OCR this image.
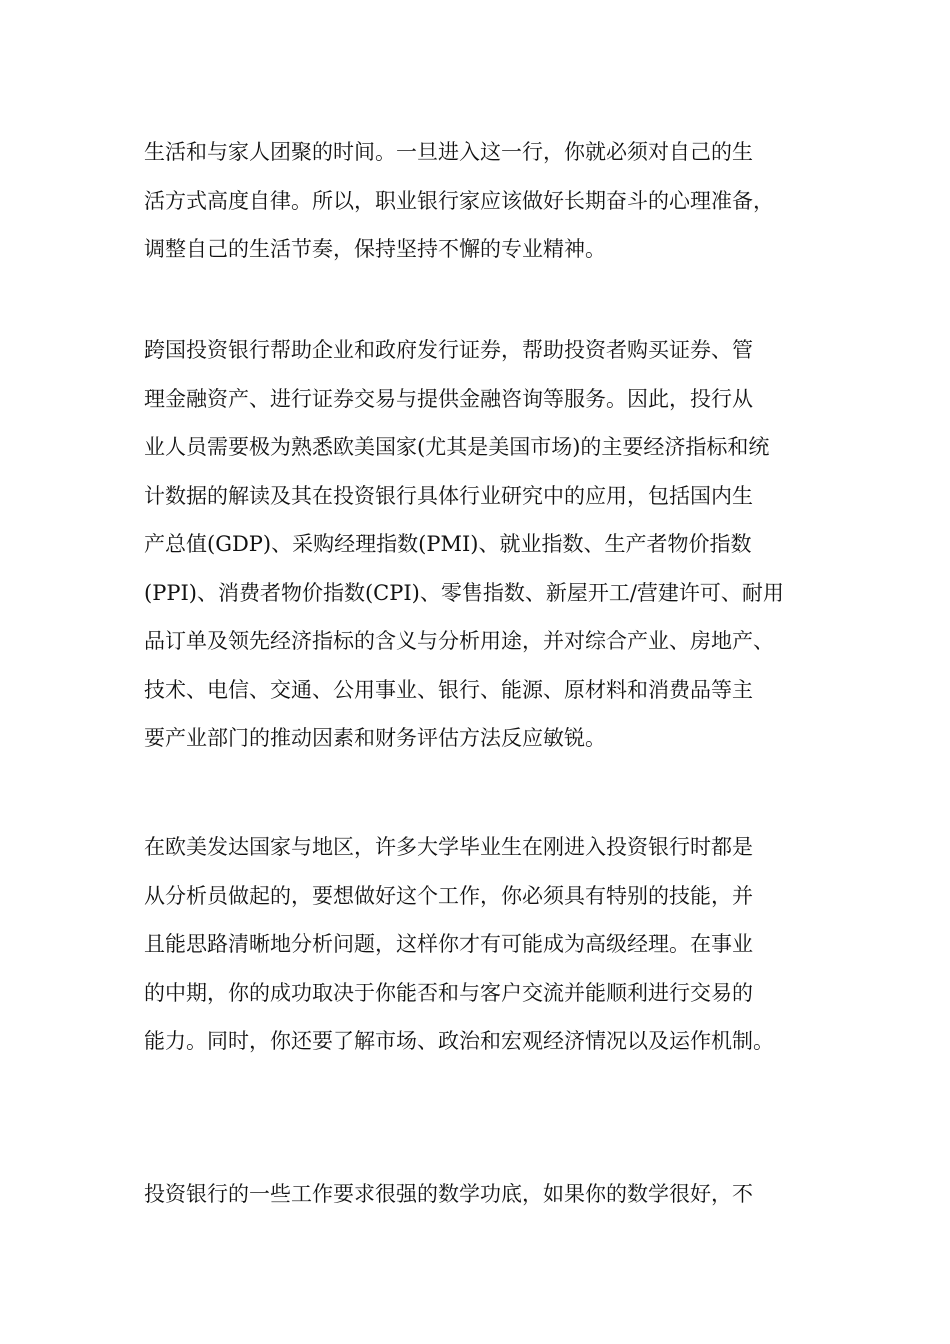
生活和与家人团聚的时间。一旦进入这一行，你就必须对自己的生
活方式高度自律。所以，职业银行家应该做好长期奋斗的心理准备，
调整自己的生活节奏，保持坚持不懈的专业精神。

跨国投资银行帮助企业和政府发行证券，帮助投资者购买证券、管
理金融资产、进行证券交易与提供金融咨询等服务。因此，投行从
业人员需要极为熟悉欧美国家(尤其是美国市场)的主要经济指标和统
计数据的解读及其在投资银行具体行业研究中的应用，包括国内生
产总值(GDP)、采购经理指数(PMI)、就业指数、生产者物价指数
(PPI)、消费者物价指数(CPI)、零售指数、新屋开工/营建许可、耐用
品订单及领先经济指标的含义与分析用途，并对综合产业、房地产、
技术、电信、交通、公用事业、银行、能源、原材料和消费品等主
要产业部门的推动因素和财务评估方法反应敏锐。

在欧美发达国家与地区，许多大学毕业生在刚进入投资银行时都是
从分析员做起的，要想做好这个工作，你必须具有特别的技能，并
且能思路清晰地分析问题，这样你才有可能成为高级经理。在事业
的中期，你的成功取决于你能否和与客户交流并能顺利进行交易的
能力。同时，你还要了解市场、政治和宏观经济情况以及运作机制。

投资银行的一些工作要求很强的数学功底，如果你的数学很好，不
